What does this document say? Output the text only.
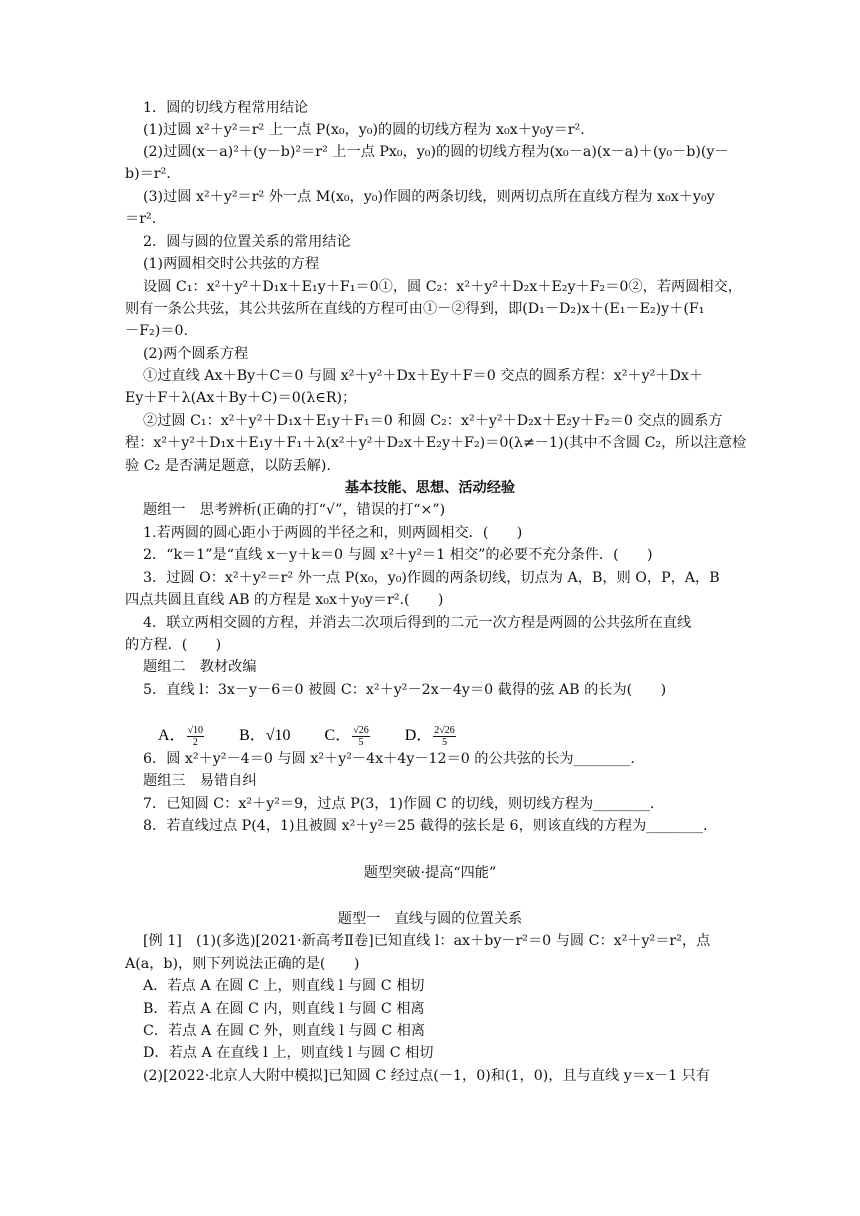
1．圆的切线方程常用结论
(1)过圆 x²＋y²＝r² 上一点 P(x₀，y₀)的圆的切线方程为 x₀x＋y₀y＝r².
(2)过圆(x－a)²＋(y－b)²＝r² 上一点 Px₀，y₀)的圆的切线方程为(x₀－a)(x－a)＋(y₀－b)(y－
b)＝r².
(3)过圆 x²＋y²＝r² 外一点 M(x₀，y₀)作圆的两条切线，则两切点所在直线方程为 x₀x＋y₀y
＝r².
2．圆与圆的位置关系的常用结论
(1)两圆相交时公共弦的方程
设圆 C₁：x²＋y²＋D₁x＋E₁y＋F₁＝0①，圆 C₂：x²＋y²＋D₂x＋E₂y＋F₂＝0②，若两圆相交，
则有一条公共弦，其公共弦所在直线的方程可由①－②得到，即(D₁－D₂)x＋(E₁－E₂)y＋(F₁
－F₂)＝0.
(2)两个圆系方程
①过直线 Ax＋By＋C＝0 与圆 x²＋y²＋Dx＋Ey＋F＝0 交点的圆系方程：x²＋y²＋Dx＋
Ey＋F＋λ(Ax＋By＋C)＝0(λ∈R)；
②过圆 C₁：x²＋y²＋D₁x＋E₁y＋F₁＝0 和圆 C₂：x²＋y²＋D₂x＋E₂y＋F₂＝0 交点的圆系方
程：x²＋y²＋D₁x＋E₁y＋F₁＋λ(x²＋y²＋D₂x＋E₂y＋F₂)＝0(λ≠－1)(其中不含圆 C₂，所以注意检
验 C₂ 是否满足题意，以防丢解).
基本技能、思想、活动经验
题组一　思考辨析(正确的打“√”，错误的打“×”)
1.若两圆的圆心距小于两圆的半径之和，则两圆相交．(　　)
2．“k＝1”是“直线 x－y＋k＝0 与圆 x²＋y²＝1 相交”的必要不充分条件．(　　)
3．过圆 O：x²＋y²＝r² 外一点 P(x₀，y₀)作圆的两条切线，切点为 A，B，则 O，P，A，B
四点共圆且直线 AB 的方程是 x₀x＋y₀y＝r².(　　)
4．联立两相交圆的方程，并消去二次项后得到的二元一次方程是两圆的公共弦所在直线
的方程．(　　)
题组二　教材改编
5．直线 l：3x－y－6＝0 被圆 C：x²＋y²－2x－4y＝0 截得的弦 AB 的长为(　　)
6．圆 x²＋y²－4＝0 与圆 x²＋y²－4x＋4y－12＝0 的公共弦的长为________.
题组三　易错自纠
7．已知圆 C：x²＋y²＝9，过点 P(3，1)作圆 C 的切线，则切线方程为________.
8．若直线过点 P(4，1)且被圆 x²＋y²＝25 截得的弦长是 6，则该直线的方程为________.
题型突破·提高“四能”
题型一　直线与圆的位置关系
[例 1]　(1)(多选)[2021·新高考Ⅱ卷]已知直线 l：ax＋by－r²＝0 与圆 C：x²＋y²＝r²，点
A(a，b)，则下列说法正确的是(　　)
A．若点 A 在圆 C 上，则直线 l 与圆 C 相切
B．若点 A 在圆 C 内，则直线 l 与圆 C 相离
C．若点 A 在圆 C 外，则直线 l 与圆 C 相离
D．若点 A 在直线 l 上，则直线 l 与圆 C 相切
(2)[2022·北京人大附中模拟]已知圆 C 经过点(－1，0)和(1，0)，且与直线 y＝x－1 只有
A． $\frac{√10}{2}$ B．√10 C． $\frac{√26}{5}$ D． $\frac{2√26}{5}$
